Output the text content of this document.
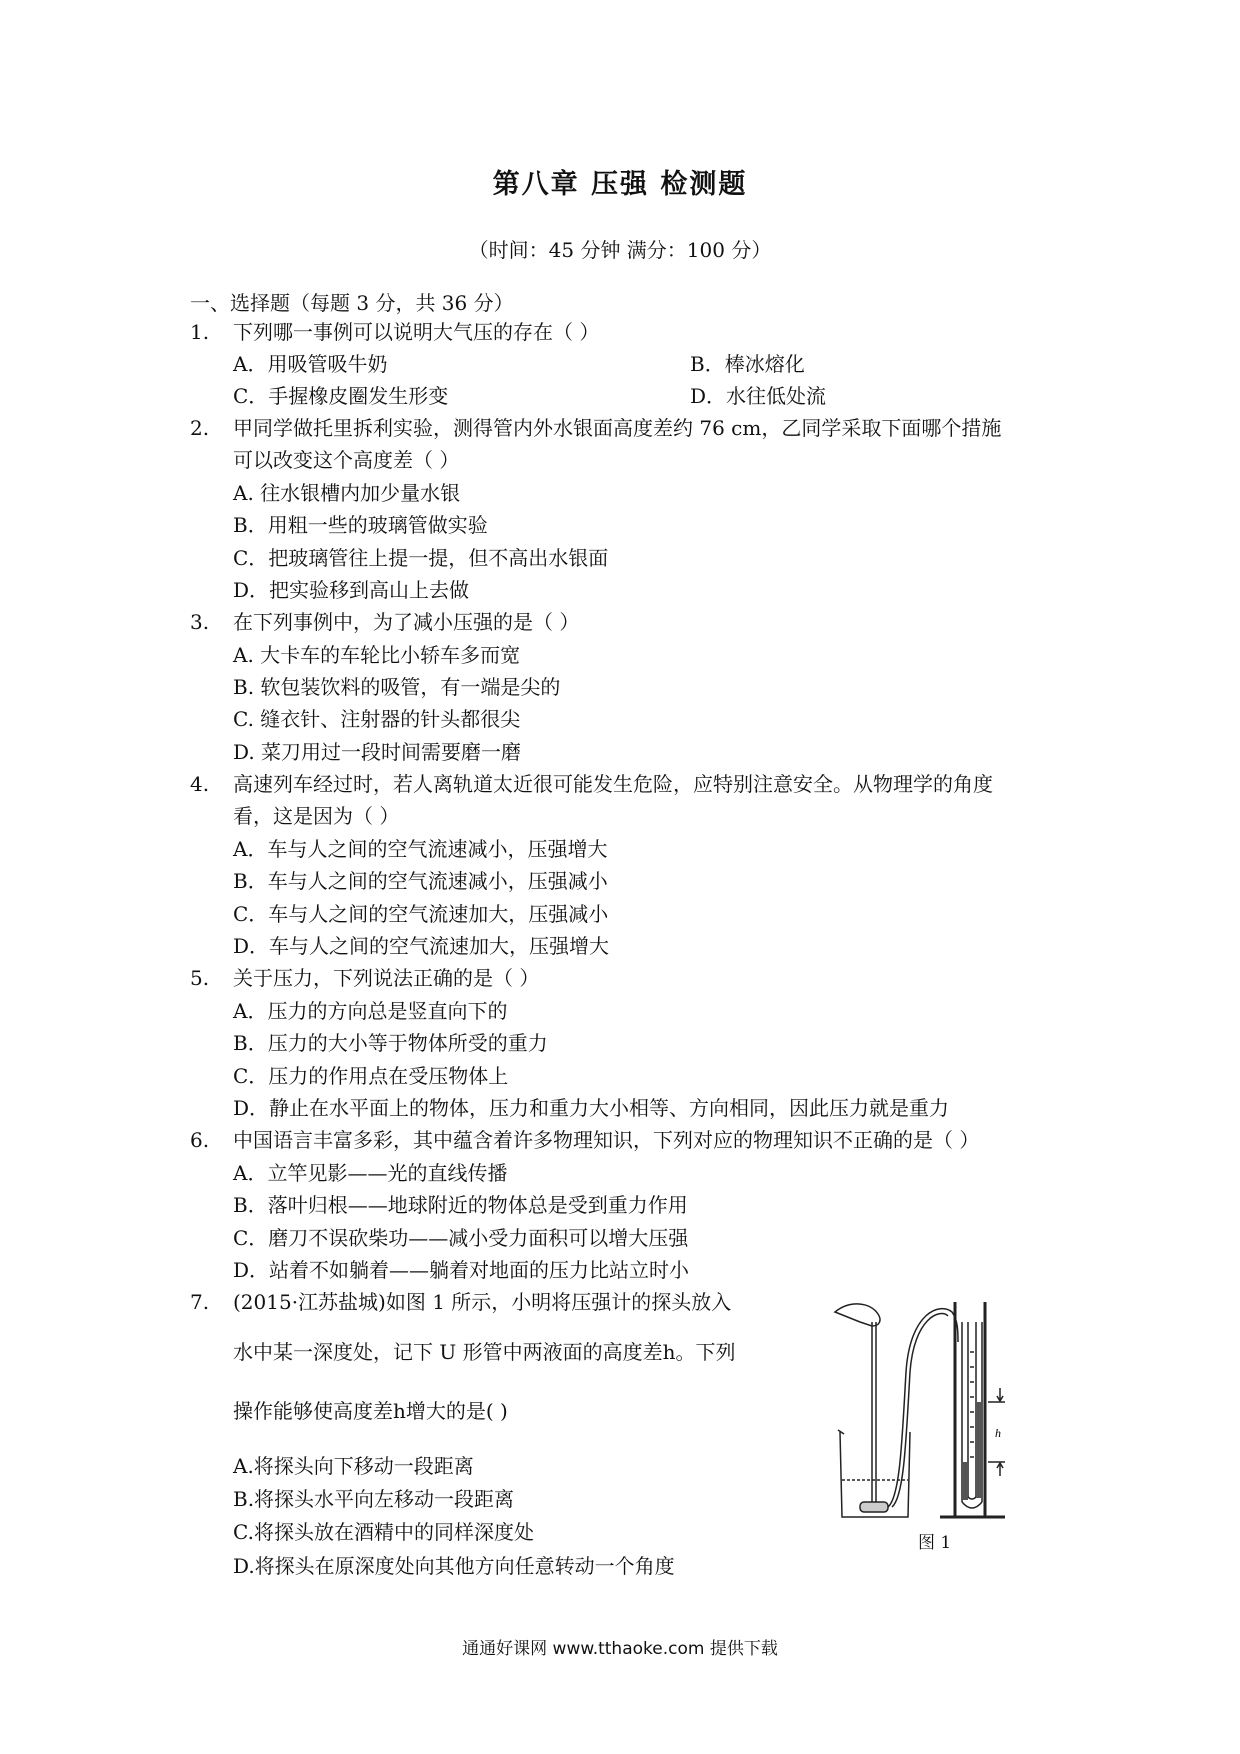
第八章 压强 检测题
（时间：45 分钟 满分：100 分）
一、选择题（每题 3 分，共 36 分）
1. 下列哪一事例可以说明大气压的存在（ ）
A．用吸管吸牛奶	B．棒冰熔化
C．手握橡皮圈发生形变	D．水往低处流
2. 甲同学做托里拆利实验，测得管内外水银面高度差约 76 cm，乙同学采取下面哪个措施
可以改变这个高度差（ ）
A. 往水银槽内加少量水银
B．用粗一些的玻璃管做实验
C．把玻璃管往上提一提，但不高出水银面
D．把实验移到高山上去做
3. 在下列事例中，为了减小压强的是（ ）
A. 大卡车的车轮比小轿车多而宽
B. 软包装饮料的吸管，有一端是尖的
C. 缝衣针、注射器的针头都很尖
D. 菜刀用过一段时间需要磨一磨
4. 高速列车经过时，若人离轨道太近很可能发生危险，应特别注意安全。从物理学的角度
看，这是因为（ ）
A．车与人之间的空气流速减小，压强增大
B．车与人之间的空气流速减小，压强减小
C．车与人之间的空气流速加大，压强减小
D．车与人之间的空气流速加大，压强增大
5. 关于压力，下列说法正确的是（ ）
A．压力的方向总是竖直向下的
B．压力的大小等于物体所受的重力
C．压力的作用点在受压物体上
D．静止在水平面上的物体，压力和重力大小相等、方向相同，因此压力就是重力
6. 中国语言丰富多彩，其中蕴含着许多物理知识，下列对应的物理知识不正确的是（ ）
A．立竿见影——光的直线传播
B．落叶归根——地球附近的物体总是受到重力作用
C．磨刀不误砍柴功——减小受力面积可以增大压强
D．站着不如躺着——躺着对地面的压力比站立时小
7. (2015·江苏盐城)如图 1 所示，小明将压强计的探头放入
水中某一深度处，记下 U 形管中两液面的高度差h。下列
操作能够使高度差h增大的是( )
A.将探头向下移动一段距离
B.将探头水平向左移动一段距离
C.将探头放在酒精中的同样深度处
D.将探头在原深度处向其他方向任意转动一个角度
h
图 1
通通好课网 www.tthaoke.com 提供下载
